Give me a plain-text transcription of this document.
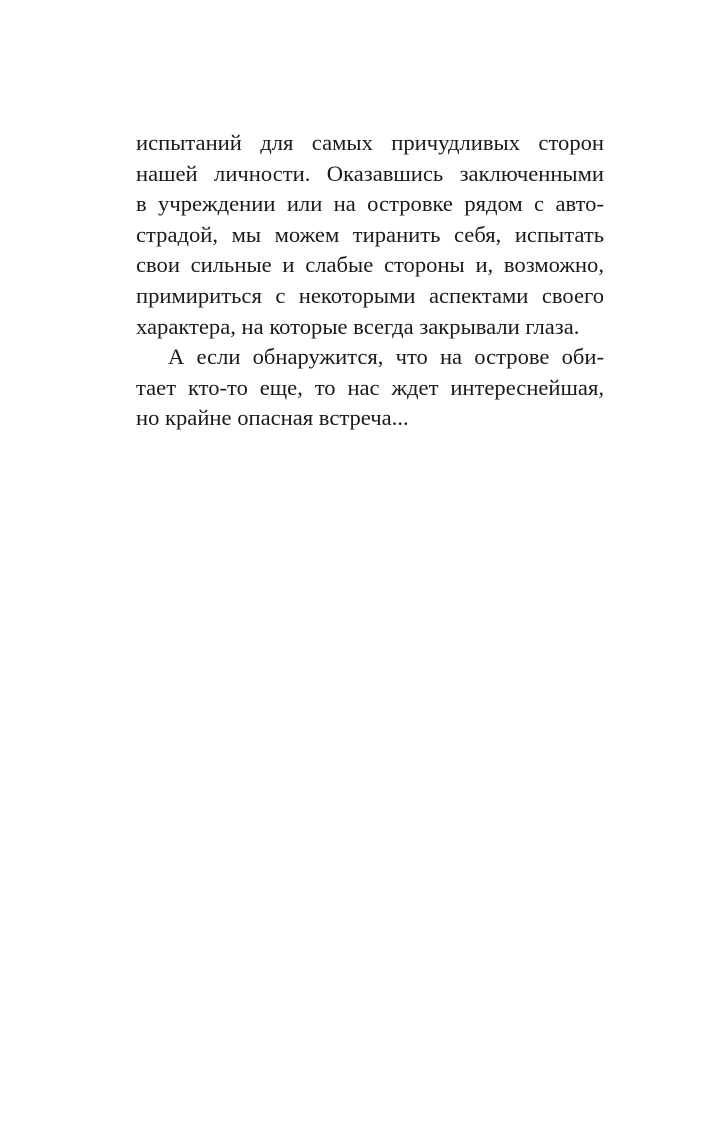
испытаний для самых причудливых сторон
нашей личности. Оказавшись заключенными
в учреждении или на островке рядом с авто-
страдой, мы можем тиранить себя, испытать
свои сильные и слабые стороны и, возможно,
примириться с некоторыми аспектами своего
характера, на которые всегда закрывали глаза.
А если обнаружится, что на острове оби-
тает кто-то еще, то нас ждет интереснейшая,
но крайне опасная встреча...
